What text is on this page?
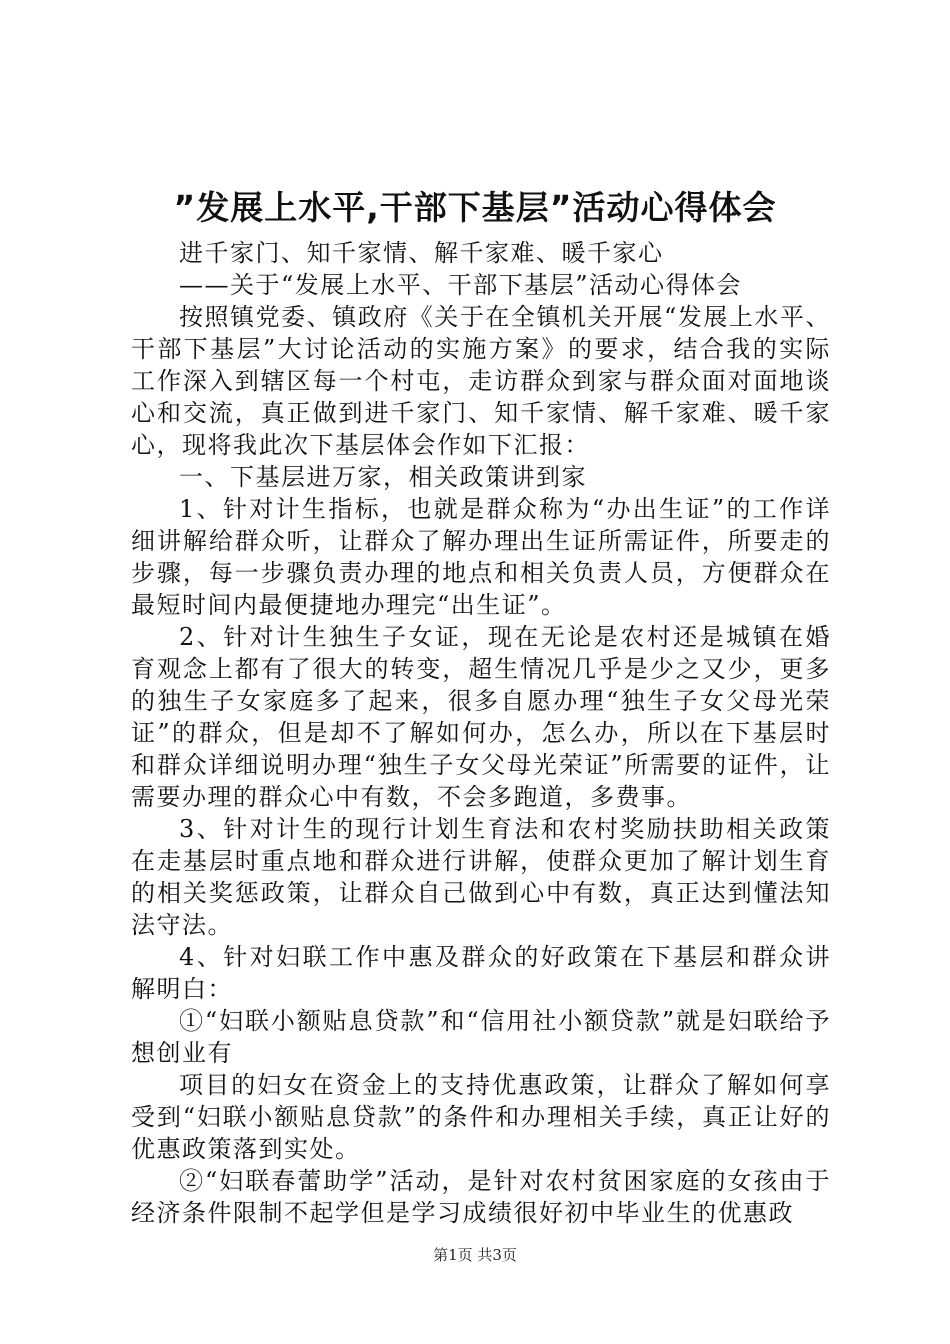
”发展上水平,干部下基层”活动心得体会

进千家门、知千家情、解千家难、暖千家心

——关于“发展上水平、干部下基层”活动心得体会

按照镇党委、镇政府《关于在全镇机关开展“发展上水平、干部下基层”大讨论活动的实施方案》的要求，结合我的实际工作深入到辖区每一个村屯，走访群众到家与群众面对面地谈心和交流，真正做到进千家门、知千家情、解千家难、暖千家心，现将我此次下基层体会作如下汇报：

一、下基层进万家，相关政策讲到家

1、针对计生指标，也就是群众称为“办出生证”的工作详细讲解给群众听，让群众了解办理出生证所需证件，所要走的步骤，每一步骤负责办理的地点和相关负责人员，方便群众在最短时间内最便捷地办理完“出生证”。

2、针对计生独生子女证，现在无论是农村还是城镇在婚育观念上都有了很大的转变，超生情况几乎是少之又少，更多的独生子女家庭多了起来，很多自愿办理“独生子女父母光荣证”的群众，但是却不了解如何办，怎么办，所以在下基层时和群众详细说明办理“独生子女父母光荣证”所需要的证件，让需要办理的群众心中有数，不会多跑道，多费事。

3、针对计生的现行计划生育法和农村奖励扶助相关政策在走基层时重点地和群众进行讲解，使群众更加了解计划生育的相关奖惩政策，让群众自己做到心中有数，真正达到懂法知法守法。

4、针对妇联工作中惠及群众的好政策在下基层和群众讲解明白：

①“妇联小额贴息贷款”和“信用社小额贷款”就是妇联给予想创业有

项目的妇女在资金上的支持优惠政策，让群众了解如何享受到“妇联小额贴息贷款”的条件和办理相关手续，真正让好的优惠政策落到实处。

②“妇联春蕾助学”活动，是针对农村贫困家庭的女孩由于经济条件限制不起学但是学习成绩很好初中毕业生的优惠政

第1页 共3页
